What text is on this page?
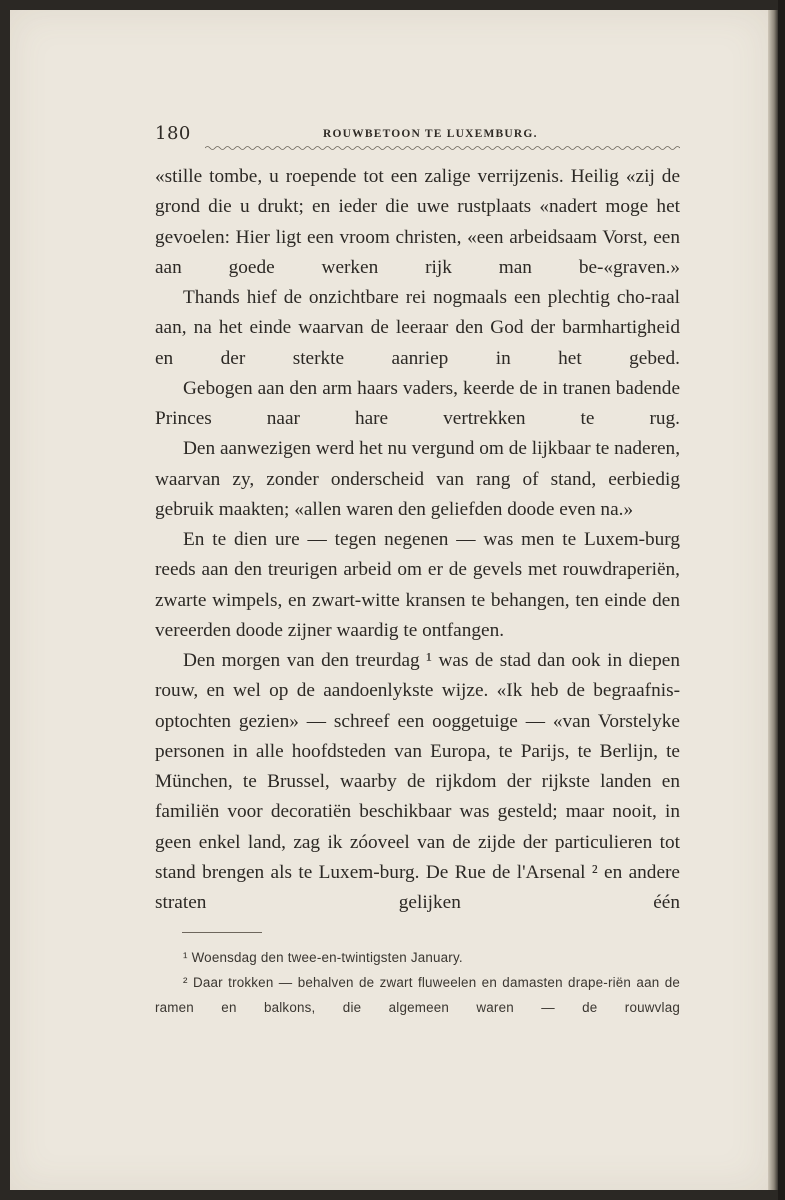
180	ROUWBETOON TE LUXEMBURG.

«stille tombe, u roepende tot een zalige verrijzenis. Heilig «zij de grond die u drukt; en ieder die uwe rustplaats «nadert moge het gevoelen: Hier ligt een vroom christen, «een arbeidsaam Vorst, een aan goede werken rijk man be-«graven.»

Thands hief de onzichtbare rei nogmaals een plechtig cho-raal aan, na het einde waarvan de leeraar den God der barmhartigheid en der sterkte aanriep in het gebed.

Gebogen aan den arm haars vaders, keerde de in tranen badende Princes naar hare vertrekken te rug.

Den aanwezigen werd het nu vergund om de lijkbaar te naderen, waarvan zy, zonder onderscheid van rang of stand, eerbiedig gebruik maakten; «allen waren den geliefden doode even na.»

En te dien ure — tegen negenen — was men te Luxem-burg reeds aan den treurigen arbeid om er de gevels met rouwdraperiën, zwarte wimpels, en zwart-witte kransen te behangen, ten einde den vereerden doode zijner waardig te ontfangen.

Den morgen van den treurdag ¹ was de stad dan ook in diepen rouw, en wel op de aandoenlykste wijze. «Ik heb de begraafnis-optochten gezien» — schreef een ooggetuige — «van Vorstelyke personen in alle hoofdsteden van Europa, te Parijs, te Berlijn, te München, te Brussel, waarby de rijkdom der rijkste landen en familiën voor decoratiën beschikbaar was gesteld; maar nooit, in geen enkel land, zag ik zóoveel van de zijde der particulieren tot stand brengen als te Luxem-burg. De Rue de l'Arsenal ² en andere straten gelijken één

¹ Woensdag den twee-en-twintigsten January.

² Daar trokken — behalven de zwart fluweelen en damasten drape-riën aan de ramen en balkons, die algemeen waren — de rouwvlag
